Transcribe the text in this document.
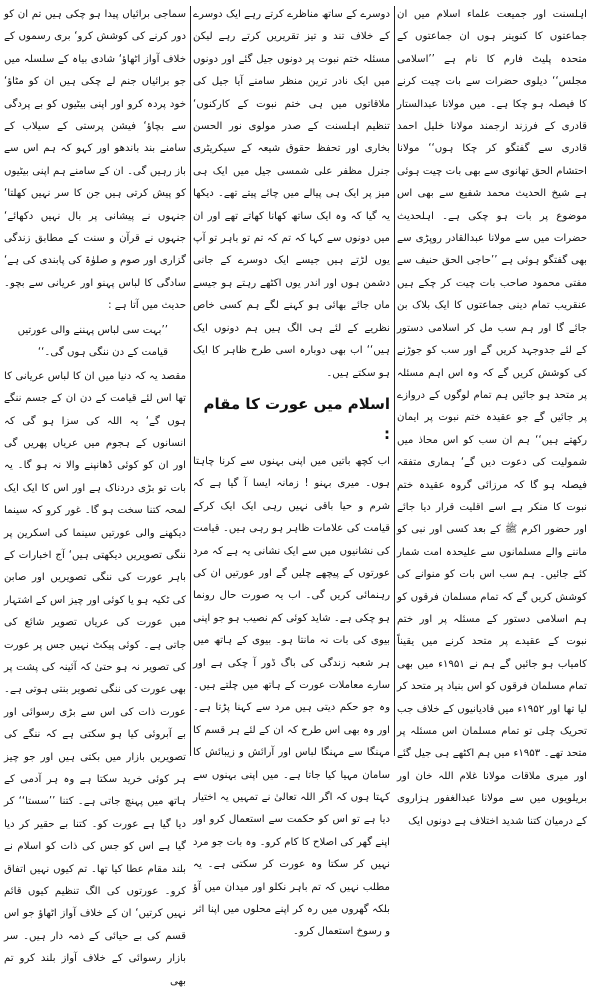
اہلسنت اور جمیعت علماء اسلام میں ان جماعتوں کا کنوینر ہوں ان جماعتوں کے متحدہ پلیٹ فارم کا نام ہے ’’اسلامی مجلس‘‘ دیلوی حضرات سے بات چیت کرنے کا فیصلہ ہو چکا ہے۔ میں مولانا عبدالستار قادری کے فرزند ارجمند مولانا خلیل احمد قادری سے گفتگو کر چکا ہوں‘‘ مولانا احتشام الحق تھانوی سے بھی بات چیت ہوئی ہے شیخ الحدیث محمد شفیع سے بھی اس موضوع پر بات ہو چکی ہے۔ اہلحدیث حضرات میں سے مولانا عبدالقادر روپڑی سے بھی گفتگو ہوئی ہے ’’حاجی الحق حنیف سے مفتی محمود صاحب بات چیت کر چکے ہیں عنقریب تمام دینی جماعتوں کا ایک بلاک بن جائے گا اور ہم سب مل کر اسلامی دستور کے لئے جدوجہد کریں گے اور سب کو جوڑنے کی کوشش کریں گے کہ وہ اس اہم مسئلہ پر متحد ہو جائیں ہم تمام لوگوں کے دروازے پر جائیں گے جو عقیدہ ختم نبوت پر ایمان رکھتے ہیں‘‘ ہم ان سب کو اس محاذ میں شمولیت کی دعوت دیں گے‘ ہماری متفقہ فیصلہ ہو گا کہ مرزائی گروہ عقیدہ ختم نبوت کا منکر ہے اسے اقلیت قرار دیا جائے اور حضور اکرم ﷺ کے بعد کسی اور نبی کو ماننے والے مسلمانوں سے علیحدہ امت شمار کئے جائیں۔ ہم سب اس بات کو منوانے کی کوشش کریں گے کہ تمام مسلمان فرقوں کو ہم اسلامی دستور کے مسئلہ پر اور ختم نبوت کے عقیدے پر متحد کرنے میں یقیناً کامیاب ہو جائیں گے ہم نے ۱۹۵۱ء میں بھی تمام مسلمان فرقوں کو اس بنیاد پر متحد کر لیا تھا اور ۱۹۵۲ء میں قادیانیوں کے خلاف جب تحریک چلی تو تمام مسلمان اس مسئلہ پر متحد تھے۔ ۱۹۵۳ء میں ہم اکٹھے ہی جیل گئے اور میری ملاقات مولانا غلام اللہ خان اور بریلویوں میں سے مولانا عبدالغفور ہزاروی کے درمیان کتنا شدید اختلاف ہے دونوں ایک

دوسرے کے ساتھ مناظرے کرتے رہے ایک دوسرے کے خلاف تند و تیز تقریریں کرتے رہے لیکن مسئلہ ختم نبوت پر دونوں جیل گئے اور دونوں میں ایک نادر ترین منظر سامنے آیا جیل کی ملاقاتوں میں ہی ختم نبوت کے کارکنوں‘ تنظیم اہلسنت کے صدر مولوی نور الحسن بخاری اور تحفظ حقوق شیعہ کے سیکریٹری جنرل مظفر علی شمسی جیل میں ایک ہی میز پر ایک ہی پیالے میں چائے پیتے تھے۔ دیکھا یہ گیا کہ وہ ایک ساتھ کھانا کھاتے تھے اور ان میں دونوں سے کہا کہ تم کہ تم تو باہر تو آپ یوں لڑتے ہیں جیسے ایک دوسرے کے جانی دشمن ہوں اور اندر یوں اکٹھے رہتے ہو جیسے ماں جائے بھائی ہو کہنے لگے ہم کسی خاص نظریے کے لئے ہی الگ ہیں ہم دونوں ایک ہیں‘‘ اب بھی دوبارہ اسی طرح ظاہر کا ایک ہو سکتے ہیں۔

اسلام میں عورت کا مقام :

اب کچھ باتیں میں اپنی بہنوں سے کرنا چاہتا ہوں۔ میری بہنو ! زمانہ ایسا آ گیا ہے کہ شرم و حیا باقی نہیں رہی ایک ایک کرکے قیامت کی علامات ظاہر ہو رہی ہیں۔ قیامت کی نشانیوں میں سے ایک نشانی یہ ہے کہ مرد عورتوں کے پیچھے چلیں گے اور عورتیں ان کی رہنمائی کریں گی۔ اب یہ صورت حال رونما ہو چکی ہے۔ شاید کوئی کم نصیب ہو جو اپنی بیوی کی بات نہ مانتا ہو۔ بیوی کے ہاتھ میں ہر شعبہ زندگی کی باگ ڈور آ چکی ہے اور سارے معاملات عورت کے ہاتھ میں چلتے ہیں۔ وہ جو حکم دیتی ہیں مرد سے کہنا پڑتا ہے۔ اور وہ بھی اس طرح کہ ان کے لئے ہر قسم کا مہنگا سے مہنگا لباس اور آرائش و زیبائش کا سامان مہیا کیا جاتا ہے۔ میں اپنی بہنوں سے کہتا ہوں کہ اگر اللہ تعالیٰ نے تمہیں یہ اختیار دیا ہے تو اس کو حکمت سے استعمال کرو اور اپنے گھر کی اصلاح کا کام کرو۔ وہ بات جو مرد نہیں کر سکتا وہ عورت کر سکتی ہے۔ یہ مطلب نہیں کہ تم باہر نکلو اور میدان میں آؤ بلکہ گھروں میں رہ کر اپنے محلوں میں اپنا اثر و رسوخ استعمال کرو۔

سماجی برائیاں پیدا ہو چکی ہیں تم ان کو دور کرنے کی کوشش کرو‘ بری رسموں کے خلاف آواز اٹھاؤ‘ شادی بیاہ کے سلسلہ میں جو برائیاں جنم لے چکی ہیں ان کو مٹاؤ‘ خود پردہ کرو اور اپنی بیٹیوں کو بے پردگی سے بچاؤ‘ فیشن پرستی کے سیلاب کے سامنے بند باندھو اور کہو کہ ہم اس سے باز رہیں گی۔ ان کے سامنے ہم اپنی بیٹیوں کو پیش کرتی ہیں جن کا سر نہیں کھلتا‘ جنہوں نے پیشانی پر بال نہیں دکھائے‘ جنہوں نے قرآن و سنت کے مطابق زندگی گزاری اور صوم و صلوٰۃ کی پابندی کی ہے‘ سادگی کا لباس پہنو اور عریانی سے بچو۔ حدیث میں آتا ہے :

’’بہت سی لباس پہننے والی عورتیں
قیامت کے دن ننگی ہوں گی۔‘‘

مقصد یہ کہ دنیا میں ان کا لباس عریانی کا تھا اس لئے قیامت کے دن ان کے جسم ننگے ہوں گے‘ یہ اللہ کی سزا ہو گی کہ انسانوں کے ہجوم میں عریاں پھریں گی اور ان کو کوئی ڈھانپنے والا نہ ہو گا۔ یہ بات تو بڑی دردناک ہے اور اس کا ایک ایک لمحہ کتنا سخت ہو گا۔ غور کرو کہ سینما دیکھنے والی عورتیں سینما کی اسکرین پر ننگی تصویریں دیکھتی ہیں‘ آج اخبارات کے باہر عورت کی ننگی تصویریں اور صابن کی ٹکیہ ہو یا کوئی اور چیز اس کے اشتہار میں عورت کی عریاں تصویر شائع کی جاتی ہے۔ کوئی پیکٹ نہیں جس پر عورت کی تصویر نہ ہو حتیٰ کہ آئینہ کی پشت پر بھی عورت کی ننگی تصویر بنتی ہوتی ہے۔ عورت ذات کی اس سے بڑی رسوائی اور بے آبروئی کیا ہو سکتی ہے کہ ننگے کی تصویریں بازار میں بکتی ہیں اور جو چیز ہر کوئی خرید سکتا ہے وہ ہر آدمی کے ہاتھ میں پہنچ جاتی ہے۔ کتنا ’’سستا‘‘ کر دیا گیا ہے عورت کو۔ کتنا بے حقیر کر دیا گیا ہے اس کو جس کی ذات کو اسلام نے بلند مقام عطا کیا تھا۔ تم کیوں نہیں اتفاق کرو۔ عورتوں کی الگ تنظیم کیوں قائم نہیں کرتیں‘ ان کے خلاف آواز اٹھاؤ جو اس قسم کی بے حیائی کے ذمہ دار ہیں۔ سر بازار رسوائی کے خلاف آواز بلند کرو تم بھی
